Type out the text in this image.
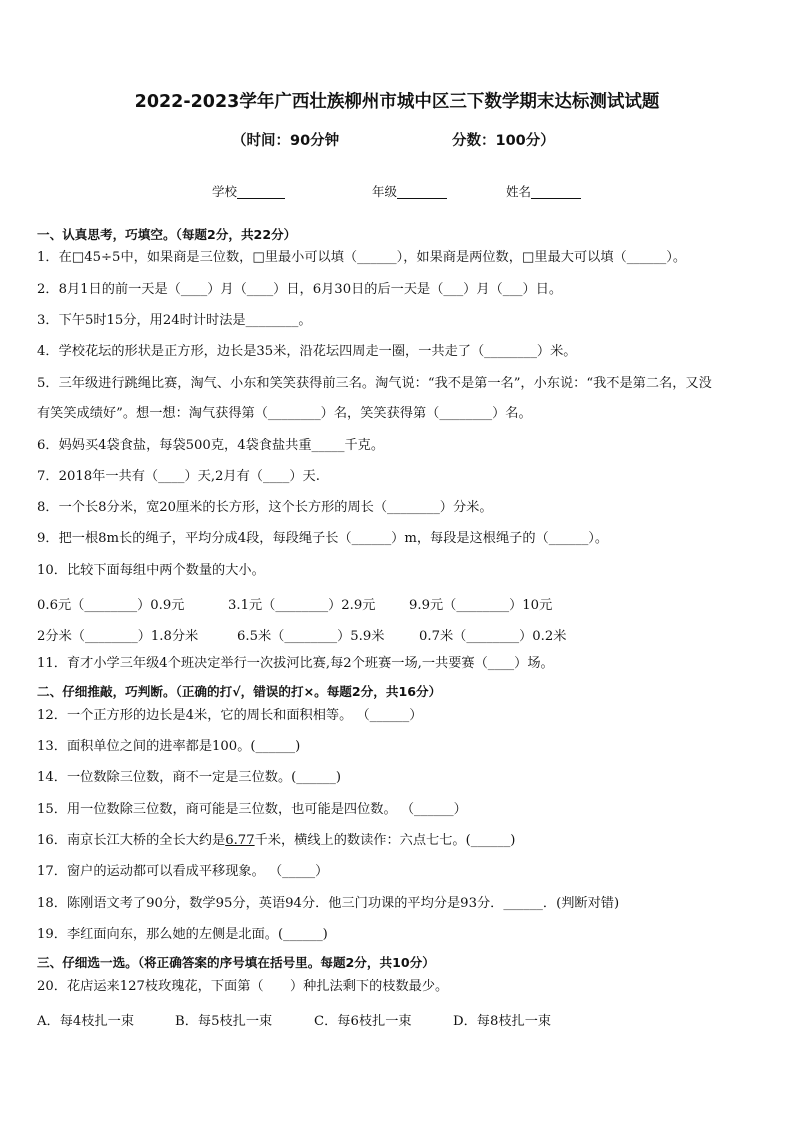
2022-2023学年广西壮族柳州市城中区三下数学期末达标测试试题
（时间：90分钟	分数：100分）
学校	年级	姓名
一、认真思考，巧填空。（每题2分，共22分）
1．在□45÷5中，如果商是三位数，□里最小可以填（______），如果商是两位数，□里最大可以填（______）。
2．8月1日的前一天是（____）月（____）日，6月30日的后一天是（___）月（___）日。
3．下午5时15分，用24时计时法是________。
4．学校花坛的形状是正方形，边长是35米，沿花坛四周走一圈，一共走了（________）米。
5．三年级进行跳绳比赛，淘气、小东和笑笑获得前三名。淘气说：“我不是第一名”，小东说：“我不是第二名，又没
有笑笑成绩好”。想一想：淘气获得第（________）名，笑笑获得第（________）名。
6．妈妈买4袋食盐，每袋500克，4袋食盐共重_____千克。
7．2018年一共有（____）天,2月有（____）天.
8．一个长8分米，宽20厘米的长方形，这个长方形的周长（________）分米。
9．把一根8m长的绳子，平均分成4段，每段绳子长（______）m，每段是这根绳子的（______）。
10．比较下面每组中两个数量的大小。
0.6元（________）0.9元	3.1元（________）2.9元	9.9元（________）10元
2分米（________）1.8分米	6.5米（________）5.9米	0.7米（________）0.2米
11．育才小学三年级4个班决定举行一次拔河比赛,每2个班赛一场,一共要赛（____）场。
二、仔细推敲，巧判断。（正确的打√，错误的打×。每题2分，共16分）
12．一个正方形的边长是4米，它的周长和面积相等。 （______）
13．面积单位之间的进率都是100。(______)
14．一位数除三位数，商不一定是三位数。(______)
15．用一位数除三位数，商可能是三位数，也可能是四位数。 （______）
16．南京长江大桥的全长大约是6.77千米，横线上的数读作：六点七七。(______)
17．窗户的运动都可以看成平移现象。 （_____）
18．陈刚语文考了90分，数学95分，英语94分．他三门功课的平均分是93分．______．(判断对错)
19．李红面向东，那么她的左侧是北面。(______)
三、仔细选一选。（将正确答案的序号填在括号里。每题2分，共10分）
20．花店运来127枝玫瑰花，下面第（　　）种扎法剩下的枝数最少。
A．每4枝扎一束	B．每5枝扎一束	C．每6枝扎一束	D．每8枝扎一束
